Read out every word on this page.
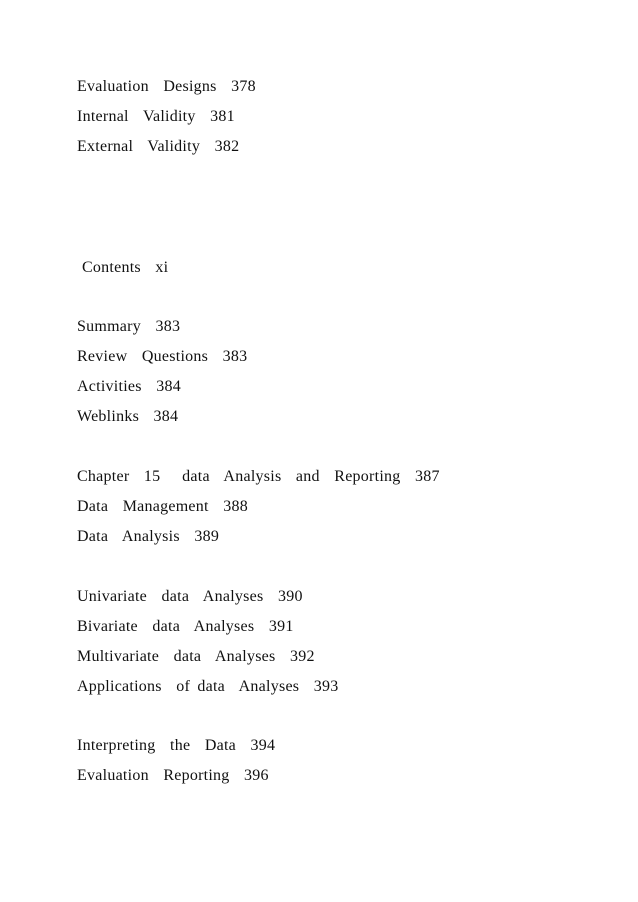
Evaluation  Designs  378
Internal  Validity  381
External  Validity  382
Contents  xi
Summary  383
Review  Questions  383
Activities  384
Weblinks  384
Chapter  15   data  Analysis  and  Reporting  387
Data  Management  388
Data  Analysis  389
Univariate  data  Analyses  390
Bivariate  data  Analyses  391
Multivariate  data  Analyses  392
Applications  of data  Analyses  393
Interpreting  the  Data  394
Evaluation  Reporting  396
